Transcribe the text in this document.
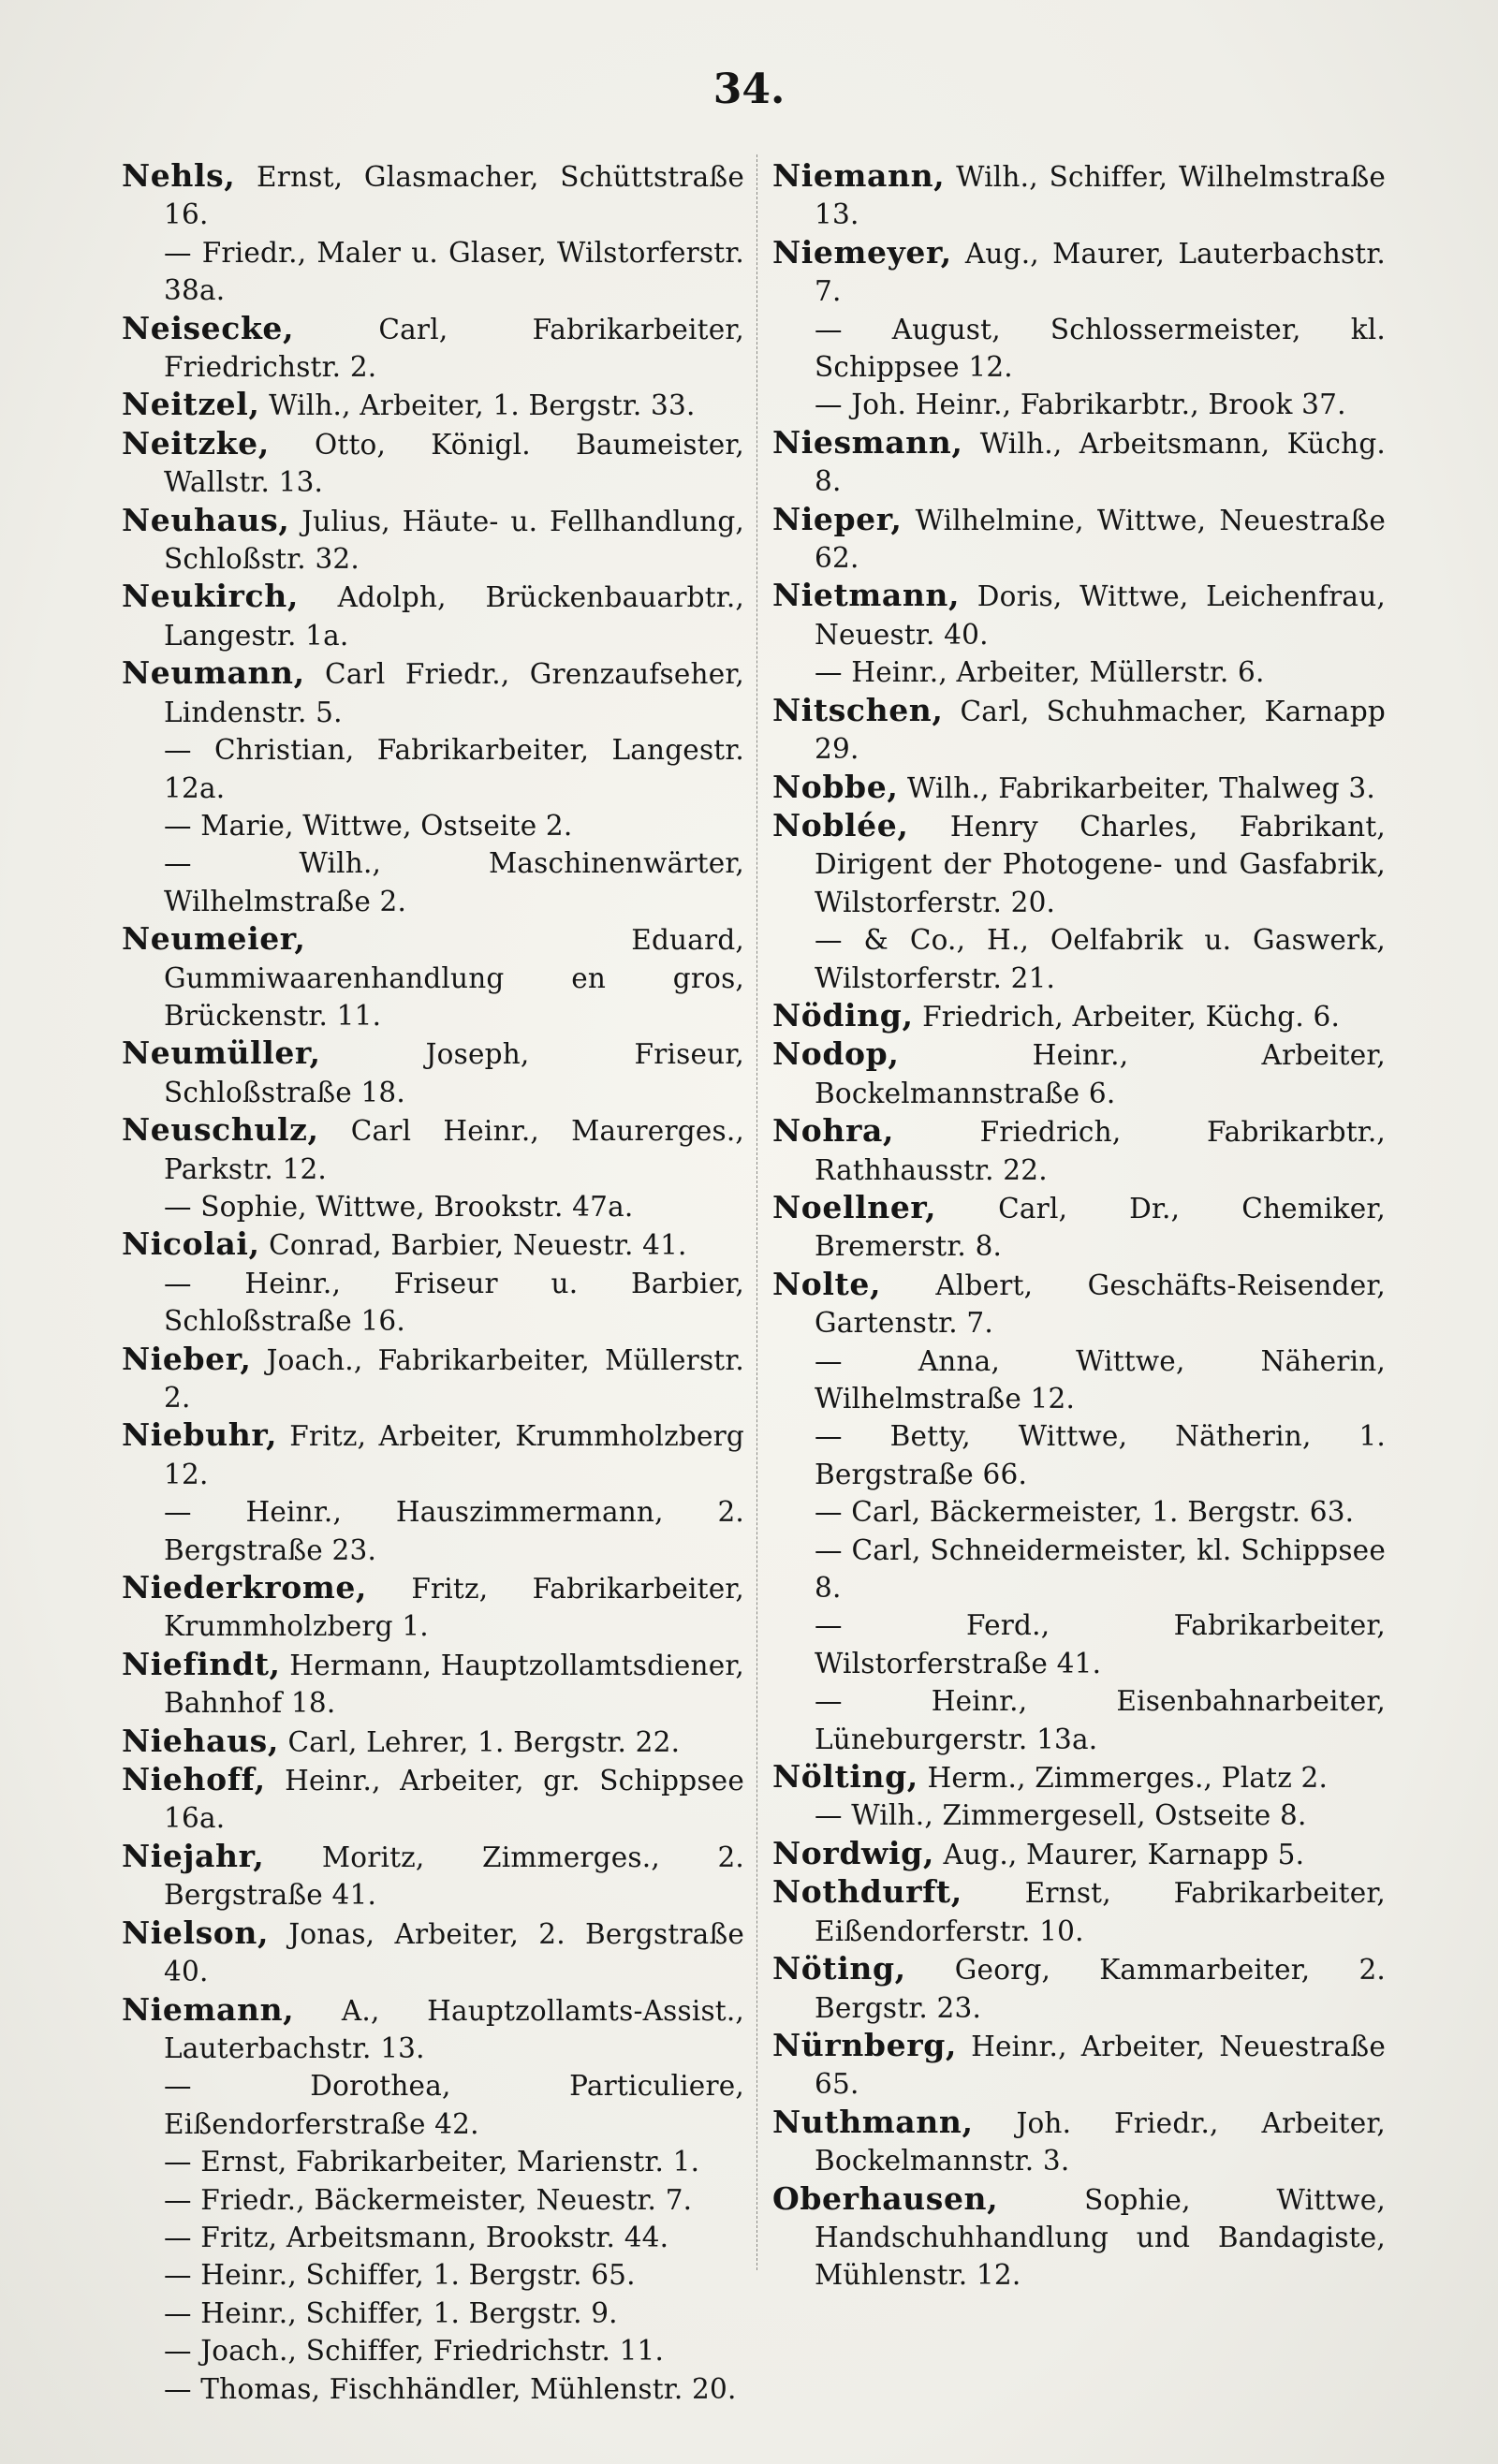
34.
Nehls, Ernst, Glasmacher, Schüttstraße 16.
— Friedr., Maler u. Glaser, Wilstorferstr. 38a.
Neisecke,	Carl, Fabrikarbeiter, Friedrichstr. 2.
Neitzel, Wilh., Arbeiter, 1. Bergstr. 33.
Neitzke, Otto, Königl. Baumeister, Wallstr. 13.
Neuhaus, Julius, Häute- u. Fellhandlung, Schloßstr. 32.
Neukirch, Adolph, Brückenbauarbtr., Langestr. 1a.
Neumann, Carl Friedr., Grenzaufseher, Lindenstr. 5.
— Christian, Fabrikarbeiter, Langestr. 12a.
— Marie, Wittwe, Ostseite 2.
— Wilh., Maschinenwärter, Wilhelmstraße 2.
Neumeier,	Eduard, Gummiwaarenhandlung en gros, Brückenstr. 11.
Neumüller,	Joseph, Friseur, Schloßstraße 18.
Neuschulz, Carl Heinr., Maurerges., Parkstr. 12.
— Sophie, Wittwe, Brookstr. 47a.
Nicolai, Conrad, Barbier, Neuestr. 41.
— Heinr., Friseur u. Barbier, Schloßstraße 16.
Nieber, Joach., Fabrikarbeiter, Müllerstr. 2.
Niebuhr, Fritz, Arbeiter, Krummholzberg 12.
— Heinr., Hauszimmermann, 2. Bergstraße 23.
Niederkrome, Fritz, Fabrikarbeiter, Krummholzberg 1.
Niefindt, Hermann, Hauptzollamtsdiener, Bahnhof 18.
Niehaus, Carl, Lehrer, 1. Bergstr. 22.
Niehoff, Heinr., Arbeiter, gr. Schippsee 16a.
Niejahr, Moritz, Zimmerges., 2. Bergstraße 41.
Nielson, Jonas, Arbeiter, 2. Bergstraße 40.
Niemann, A., Hauptzollamts-Assist., Lauterbachstr. 13.
— Dorothea, Particuliere, Eißendorferstraße 42.
— Ernst, Fabrikarbeiter, Marienstr. 1.
— Friedr., Bäckermeister, Neuestr. 7.
— Fritz, Arbeitsmann, Brookstr. 44.
— Heinr., Schiffer, 1. Bergstr. 65.
— Heinr., Schiffer, 1. Bergstr. 9.
— Joach., Schiffer, Friedrichstr. 11.
— Thomas, Fischhändler, Mühlenstr. 20.
Niemann, Wilh., Schiffer, Wilhelmstraße 13.
Niemeyer, Aug., Maurer, Lauterbachstr. 7.
— August, Schlossermeister, kl. Schippsee 12.
— Joh. Heinr., Fabrikarbtr., Brook 37.
Niesmann, Wilh., Arbeitsmann, Küchg. 8.
Nieper, Wilhelmine, Wittwe, Neuestraße 62.
Nietmann, Doris, Wittwe, Leichenfrau, Neuestr. 40.
— Heinr., Arbeiter, Müllerstr. 6.
Nitschen, Carl, Schuhmacher, Karnapp 29.
Nobbe, Wilh., Fabrikarbeiter, Thalweg 3.
Noblée, Henry Charles, Fabrikant, Dirigent der Photogene- und Gasfabrik, Wilstorferstr. 20.
— & Co., H., Oelfabrik u. Gaswerk, Wilstorferstr. 21.
Nöding, Friedrich, Arbeiter, Küchg. 6.
Nodop,	Heinr., Arbeiter, Bockelmannstraße 6.
Nohra,	Friedrich, Fabrikarbtr., Rathhausstr. 22.
Noellner, Carl, Dr., Chemiker, Bremerstr. 8.
Nolte, Albert, Geschäfts-Reisender, Gartenstr. 7.
— Anna, Wittwe, Näherin, Wilhelmstraße 12.
— Betty, Wittwe, Nätherin, 1. Bergstraße 66.
— Carl, Bäckermeister, 1. Bergstr. 63.
— Carl, Schneidermeister, kl. Schippsee 8.
— Ferd., Fabrikarbeiter, Wilstorferstraße 41.
— Heinr., Eisenbahnarbeiter, Lüneburgerstr. 13a.
Nölting, Herm., Zimmerges., Platz 2.
— Wilh., Zimmergesell, Ostseite 8.
Nordwig, Aug., Maurer, Karnapp 5.
Nothdurft, Ernst, Fabrikarbeiter, Eißendorferstr. 10.
Nöting, Georg, Kammarbeiter, 2. Bergstr. 23.
Nürnberg, Heinr., Arbeiter, Neuestraße 65.
Nuthmann, Joh. Friedr., Arbeiter, Bockelmannstr. 3.
Oberhausen,	Sophie, Wittwe, Handschuhhandlung und Bandagiste, Mühlenstr. 12.
